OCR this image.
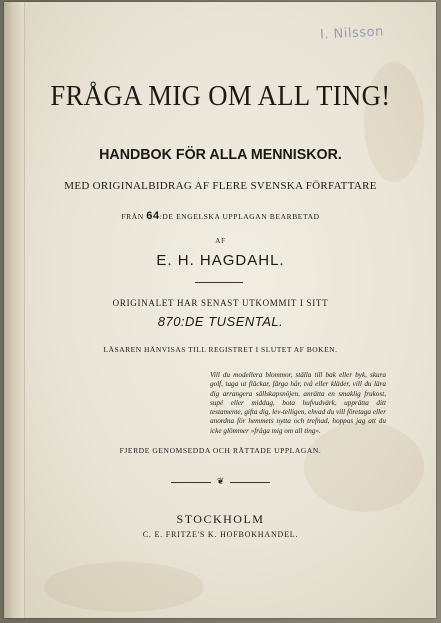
I. Nilsson
FRÅGA MIG OM ALL TING!
HANDBOK FÖR ALLA MENNISKOR.
MED ORIGINALBIDRAG AF FLERE SVENSKA FÖRFATTARE
FRÅN 64:DE ENGELSKA UPPLAGAN BEARBETAD
AF
E. H. HAGDAHL.
ORIGINALET HAR SENAST UTKOMMIT I SITT
870:DE TUSENTAL.
LÄSAREN HÄNVISAS TILL REGISTRET I SLUTET AF BOKEN.
Vill du modellera blommor, ställa till bak eller byk, skura golf, taga ut fläckar, färga hår, två eller kläder, vill du lära dig arrangera sällskapsnöjen, anrätta en smaklig frukost, supé eller middag, bota hufvudvärk, upprätta ditt testamente, gifta dig, lev-telligen, ehvad du vill företaga eller anordna för hemmets nytta och trefnad, hoppas jag att du icke glömmer »fråga mig om all ting».
FJERDE GENOMSEDDA OCH RÄTTADE UPPLAGAN.
❦
STOCKHOLM
C. E. FRITZE'S K. HOFBOKHANDEL.
